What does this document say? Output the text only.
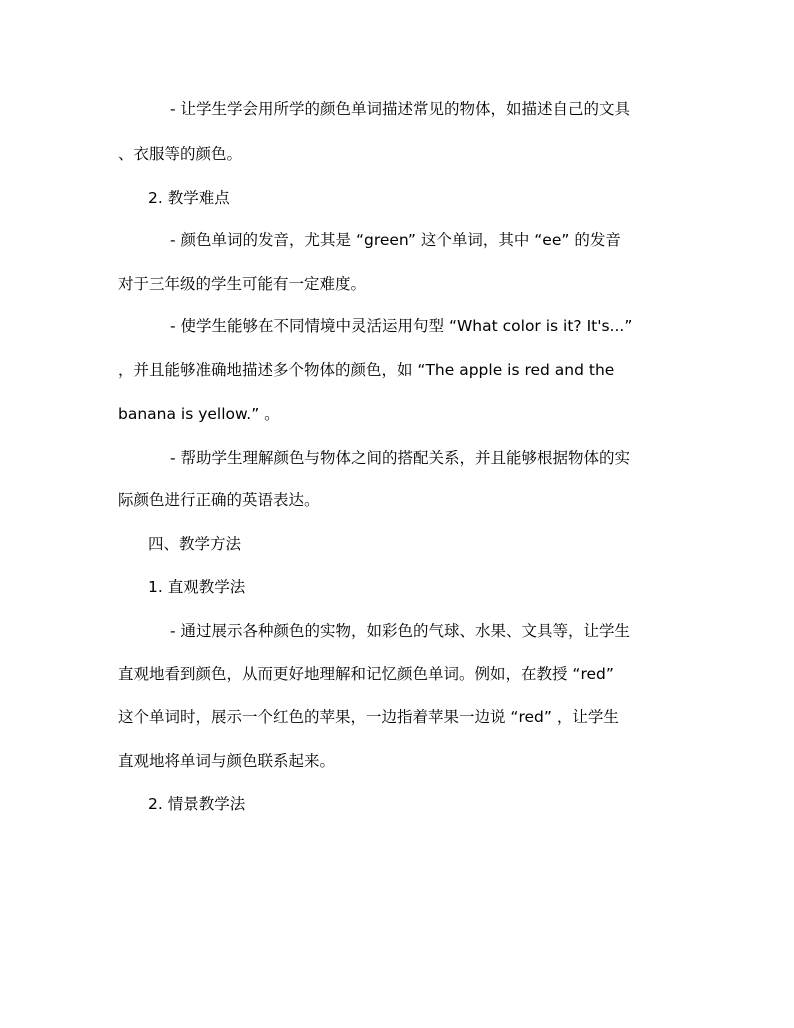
- 让学生学会用所学的颜色单词描述常见的物体，如描述自己的文具
、衣服等的颜色。
2. 教学难点
- 颜色单词的发音，尤其是 “green” 这个单词，其中 “ee” 的发音
对于三年级的学生可能有一定难度。
- 使学生能够在不同情境中灵活运用句型 “What color is it? It's...”
，并且能够准确地描述多个物体的颜色，如 “The apple is red and the
banana is yellow.” 。
- 帮助学生理解颜色与物体之间的搭配关系，并且能够根据物体的实
际颜色进行正确的英语表达。
四、教学方法
1. 直观教学法
- 通过展示各种颜色的实物，如彩色的气球、水果、文具等，让学生
直观地看到颜色，从而更好地理解和记忆颜色单词。例如，在教授 “red”
这个单词时，展示一个红色的苹果，一边指着苹果一边说 “red” ，让学生
直观地将单词与颜色联系起来。
2. 情景教学法
